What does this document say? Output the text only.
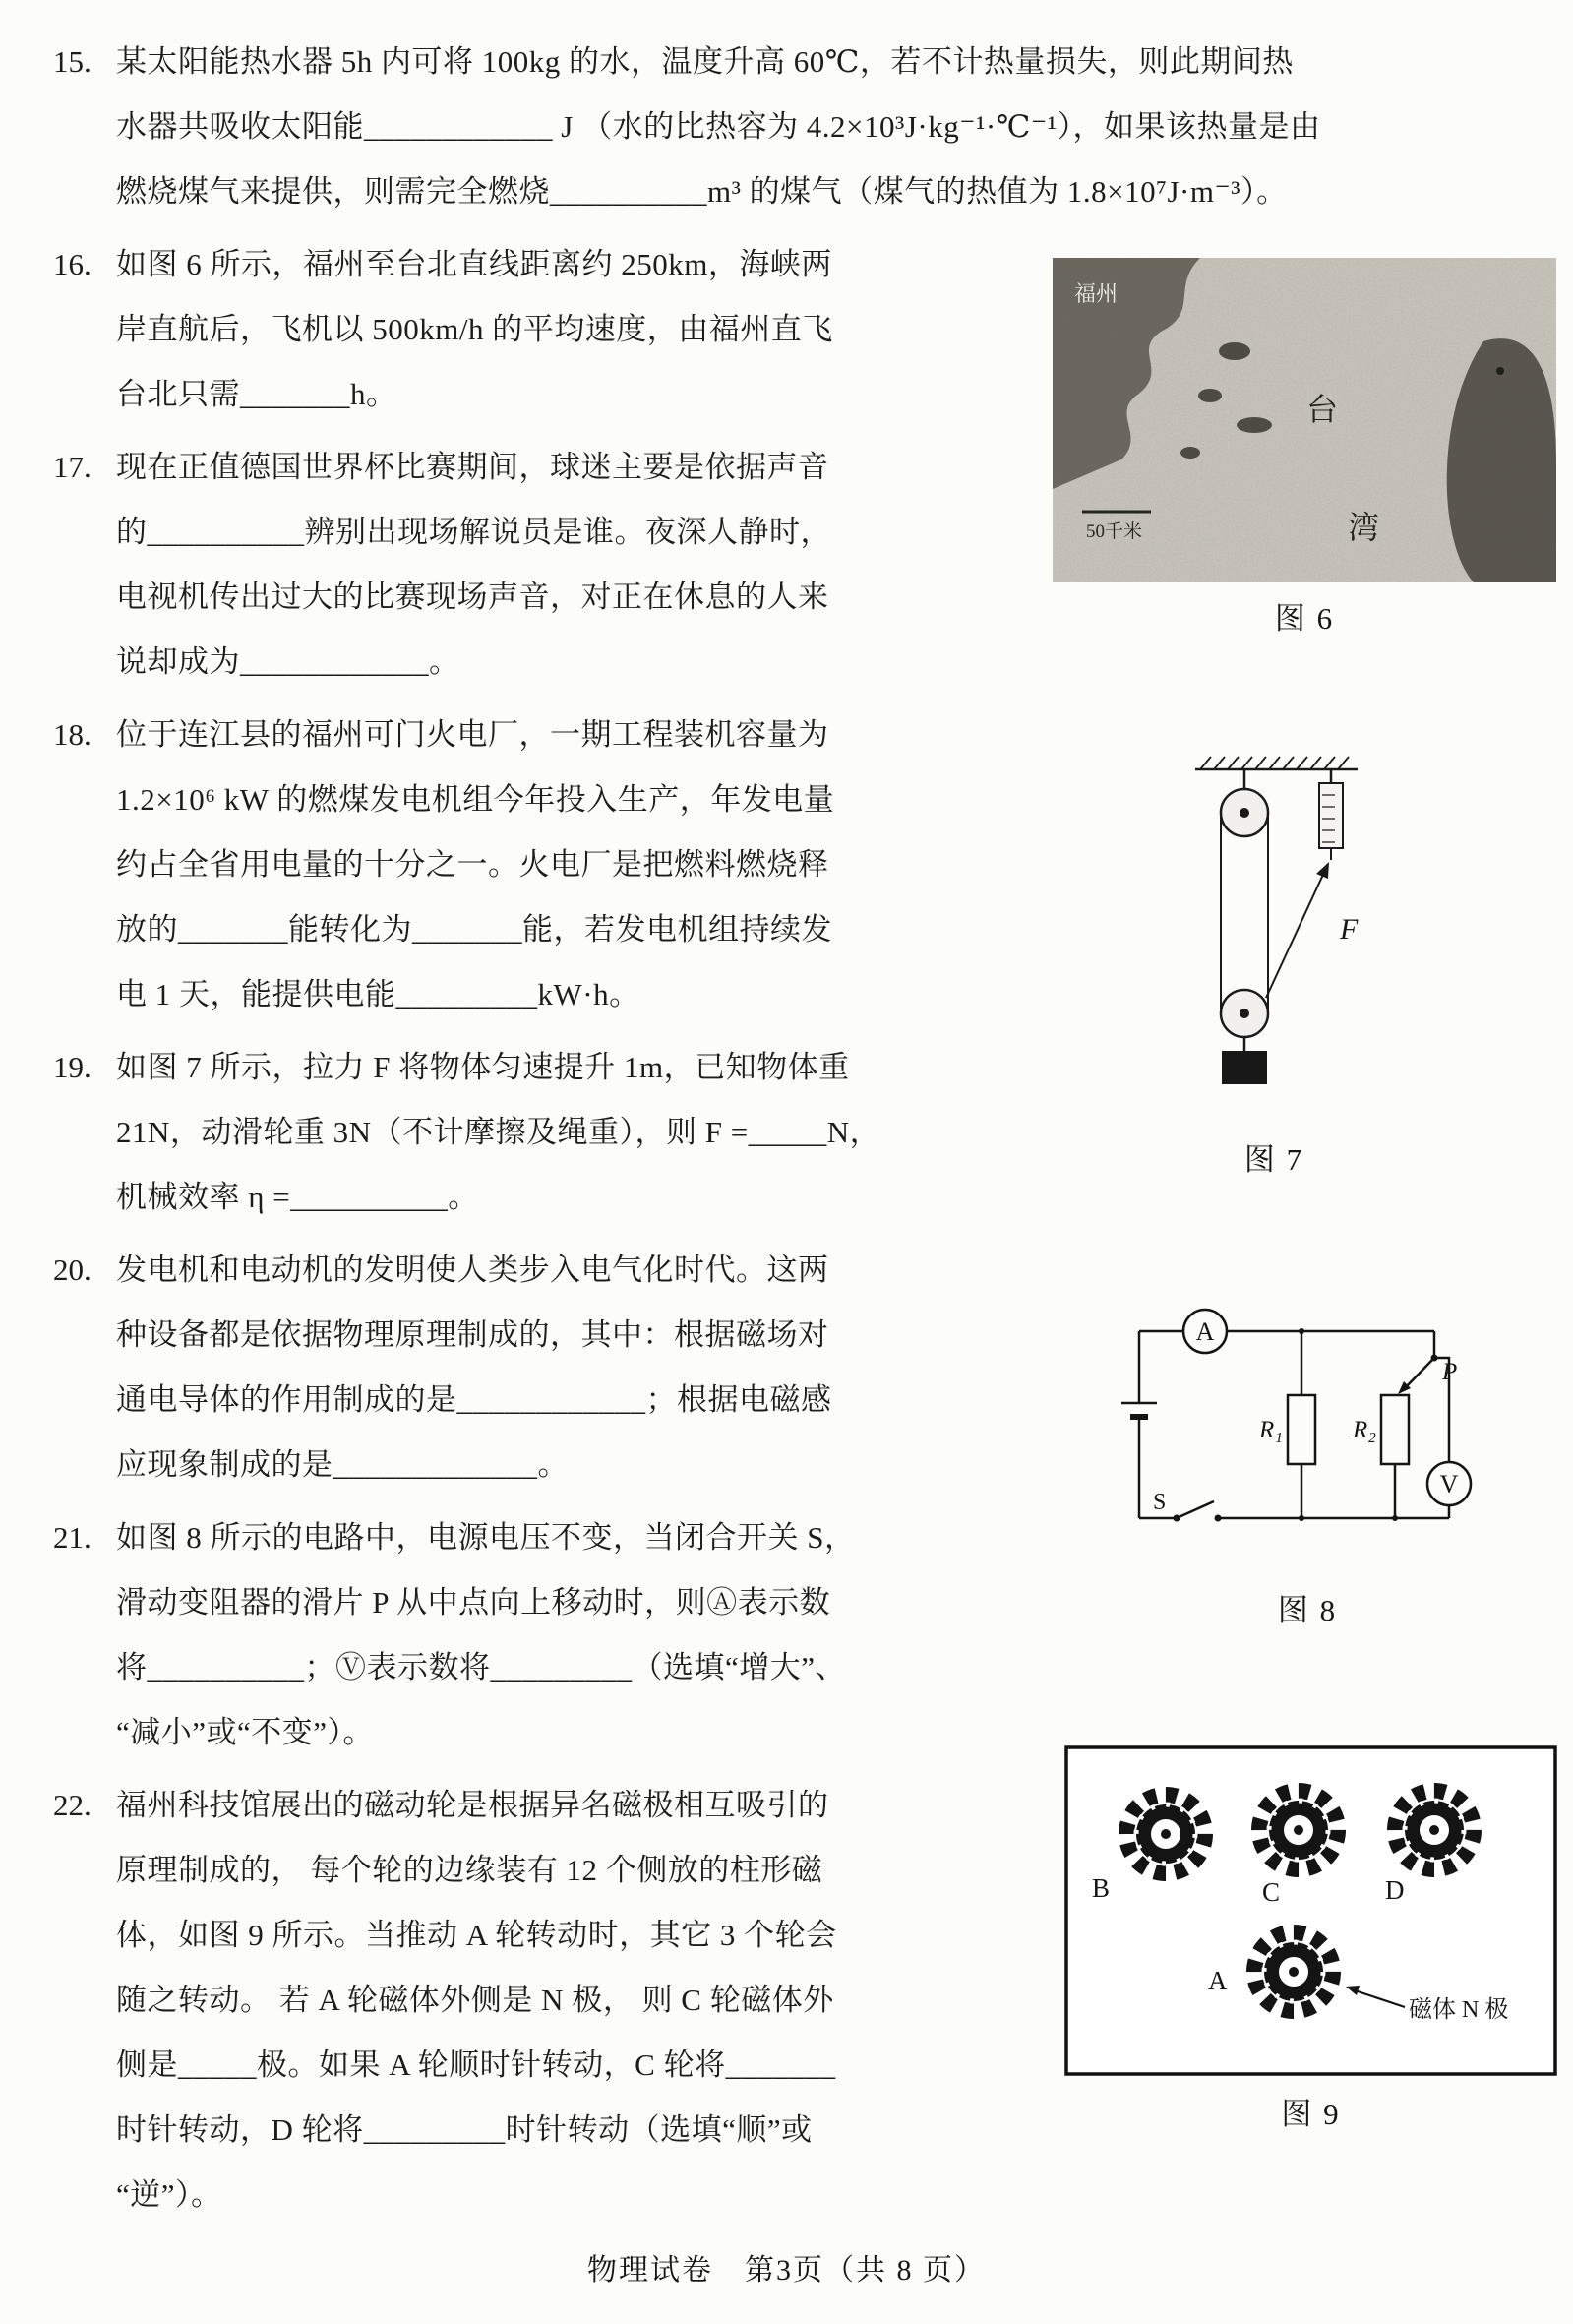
15. 某太阳能热水器 5h 内可将 100kg 的水，温度升高 60℃，若不计热量损失，则此期间热
水器共吸收太阳能____________ J （水的比热容为 4.2×10³J·kg⁻¹·℃⁻¹），如果该热量是由
燃烧煤气来提供，则需完全燃烧__________m³ 的煤气（煤气的热值为 1.8×10⁷J·m⁻³）。
16. 如图 6 所示，福州至台北直线距离约 250km，海峡两
岸直航后，飞机以 500km/h 的平均速度，由福州直飞
台北只需_______h。
17. 现在正值德国世界杯比赛期间，球迷主要是依据声音
的__________辨别出现场解说员是谁。夜深人静时，
电视机传出过大的比赛现场声音，对正在休息的人来
说却成为____________。
18. 位于连江县的福州可门火电厂，一期工程装机容量为
1.2×10⁶ kW 的燃煤发电机组今年投入生产，年发电量
约占全省用电量的十分之一。火电厂是把燃料燃烧释
放的_______能转化为_______能，若发电机组持续发
电 1 天，能提供电能_________kW·h。
19. 如图 7 所示，拉力 F 将物体匀速提升 1m，已知物体重
21N，动滑轮重 3N（不计摩擦及绳重），则 F =_____N，
机械效率 η =__________。
20. 发电机和电动机的发明使人类步入电气化时代。这两
种设备都是依据物理原理制成的，其中：根据磁场对
通电导体的作用制成的是____________；根据电磁感
应现象制成的是_____________。
21. 如图 8 所示的电路中，电源电压不变，当闭合开关 S，
滑动变阻器的滑片 P 从中点向上移动时，则Ⓐ表示数
将__________；Ⓥ表示数将_________（选填“增大”、
“减小”或“不变”）。
22. 福州科技馆展出的磁动轮是根据异名磁极相互吸引的
原理制成的， 每个轮的边缘装有 12 个侧放的柱形磁
体，如图 9 所示。当推动 A 轮转动时，其它 3 个轮会
随之转动。 若 A 轮磁体外侧是 N 极， 则 C 轮磁体外
侧是_____极。如果 A 轮顺时针转动，C 轮将_______
时针转动，D 轮将_________时针转动（选填“顺”或
“逆”）。
福州
台
湾
50千米
图 6
F
图 7
A
S
R₁
P
R₂
V
图 8
B	C	D
A
磁体 N 极
图 9
物理试卷　第3页（共 8 页）
